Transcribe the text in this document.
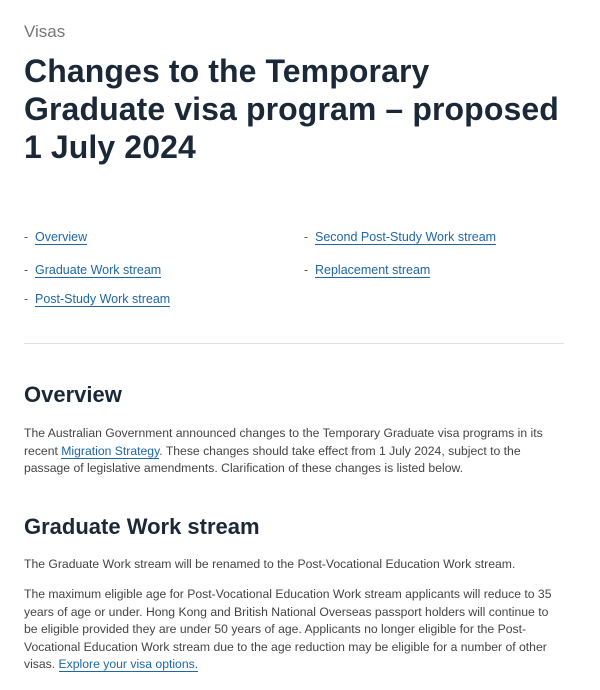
Visas
Changes to the Temporary Graduate visa program – proposed 1 July 2024
- Overview
- Graduate Work stream
- Post-Study Work stream
- Second Post-Study Work stream
- Replacement stream
Overview

The Australian Government announced changes to the Temporary Graduate visa programs in its recent Migration Strategy. These changes should take effect from 1 July 2024, subject to the passage of legislative amendments. Clarification of these changes is listed below.

Graduate Work stream

The Graduate Work stream will be renamed to the Post-Vocational Education Work stream.

The maximum eligible age for Post-Vocational Education Work stream applicants will reduce to 35 years of age or under. Hong Kong and British National Overseas passport holders will continue to be eligible provided they are under 50 years of age. Applicants no longer eligible for the Post-Vocational Education Work stream due to the age reduction may be eligible for a number of other visas. Explore your visa options.
